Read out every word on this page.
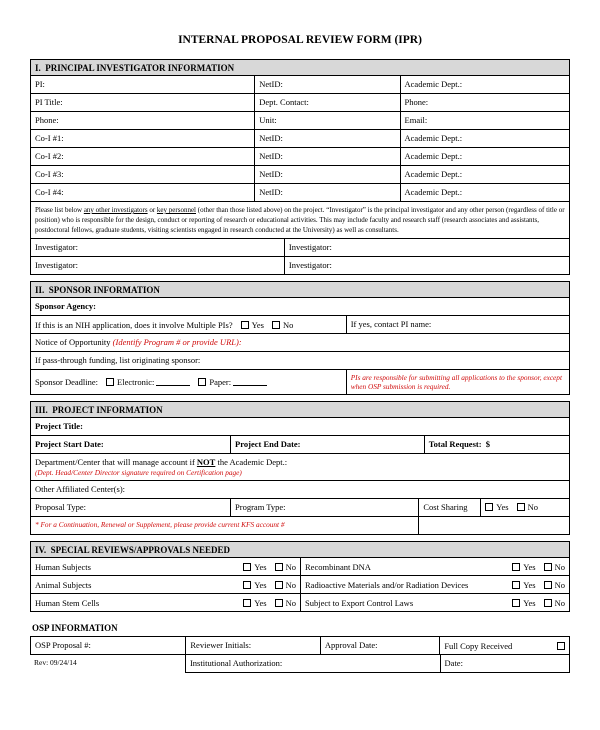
INTERNAL PROPOSAL REVIEW FORM (IPR)
I.  PRINCIPAL INVESTIGATOR INFORMATION
PI:	NetID:	Academic Dept.:
PI Title:	Dept. Contact:	Phone:
Phone:	Unit:	Email:
Co-I #1:	NetID:	Academic Dept.:
Co-I #2:	NetID:	Academic Dept.:
Co-I #3:	NetID:	Academic Dept.:
Co-I #4:	NetID:	Academic Dept.:
Please list below any other investigators or key personnel (other than those listed above) on the project. “Investigator” is the principal investigator and any other person (regardless of title or position) who is responsible for the design, conduct or reporting of research or educational activities. This may include faculty and research staff (research associates and assistants, postdoctoral fellows, graduate students, visiting scientists engaged in research conducted at the University) as well as consultants.
Investigator:	Investigator:
Investigator:	Investigator:
II.  SPONSOR INFORMATION
Sponsor Agency:
If this is an NIH application, does it involve Multiple PIs? Yes No	If yes, contact PI name:
Notice of Opportunity (Identify Program # or provide URL):
If pass-through funding, list originating sponsor:
Sponsor Deadline: Electronic:	Paper:	PIs are responsible for submitting all applications to the sponsor, except when OSP submission is required.
III.  PROJECT INFORMATION
Project Title:
Project Start Date:	Project End Date:	Total Request:  $
Department/Center that will manage account if NOT the Academic Dept.:
(Dept. Head/Center Director signature required on Certification page)
Other Affiliated Center(s):
Proposal Type:	Program Type:	Cost Sharing	Yes No
* For a Continuation, Renewal or Supplement, please provide current KFS account #
IV.  SPECIAL REVIEWS/APPROVALS NEEDED
Human Subjects	Yes No Recombinant DNA	Yes No
Animal Subjects	Yes No Radioactive Materials and/or Radiation Devices	Yes No
Human Stem Cells	Yes No Subject to Export Control Laws	Yes No
OSP INFORMATION
OSP Proposal #:	Reviewer Initials:	Approval Date:	Full Copy Received
Rev: 09/24/14	Institutional Authorization:	Date:
